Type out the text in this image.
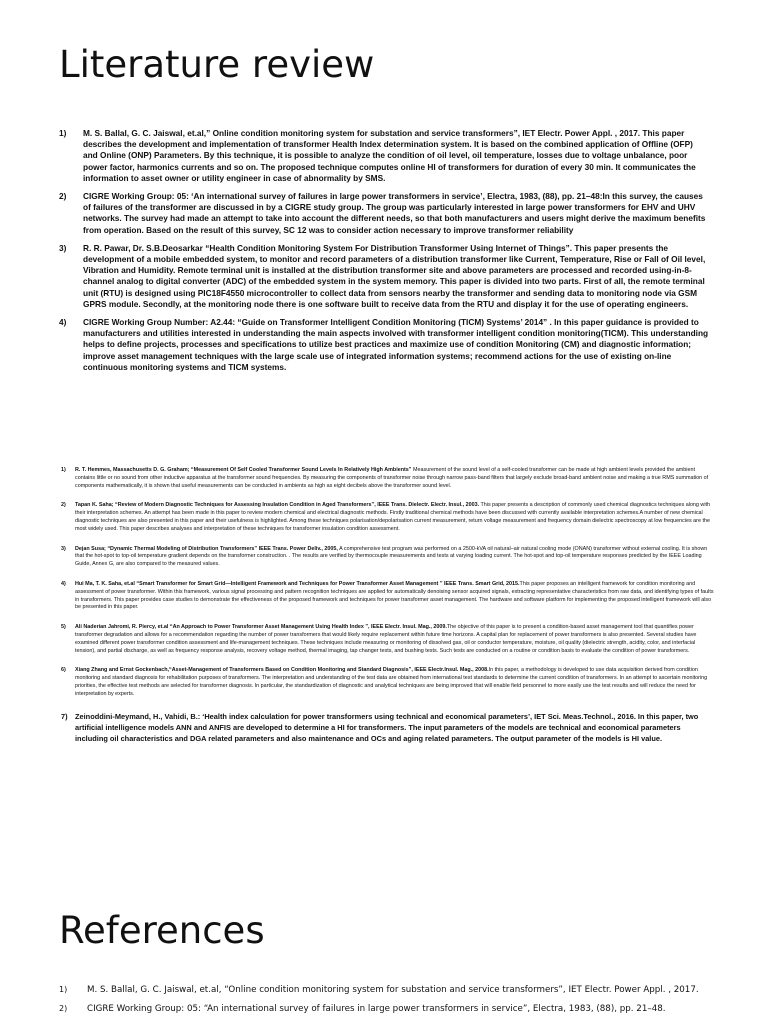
Literature review
1) M. S. Ballal, G. C. Jaiswal, et.al,” Online condition monitoring system for substation and service transformers”, IET Electr. Power Appl. , 2017. This paper describes the development and implementation of transformer Health Index determination system. It is based on the combined application of Offline (OFP) and Online (ONP) Parameters. By this technique, it is possible to analyze the condition of oil level, oil temperature, losses due to voltage unbalance, poor power factor, harmonics currents and so on. The proposed technique computes online HI of transformers for duration of every 30 min. It communicates the information to asset owner or utility engineer in case of abnormality by SMS.
2) CIGRE Working Group: 05: ‘An international survey of failures in large power transformers in service’, Electra, 1983, (88), pp. 21–48:In this survey, the causes of failures of the transformer are discussed in by a CIGRE study group. The group was particularly interested in large power transformers for EHV and UHV networks. The survey had made an attempt to take into account the different needs, so that both manufacturers and users might derive the maximum benefits from operation. Based on the result of this survey, SC 12 was to consider action necessary to improve transformer reliability
3) R. R. Pawar, Dr. S.B.Deosarkar “Health Condition Monitoring System For Distribution Transformer Using Internet of Things”. This paper presents the development of a mobile embedded system, to monitor and record parameters of a distribution transformer like Current, Temperature, Rise or Fall of Oil level, Vibration and Humidity. Remote terminal unit is installed at the distribution transformer site and above parameters are processed and recorded using-in-8-channel analog to digital converter (ADC) of the embedded system in the system memory. This paper is divided into two parts. First of all, the remote terminal unit (RTU) is designed using PIC18F4550 microcontroller to collect data from sensors nearby the transformer and sending data to monitoring node via GSM GPRS module. Secondly, at the monitoring node there is one software built to receive data from the RTU and display it for the use of operating engineers.
4) CIGRE Working Group Number: A2.44: “Guide on Transformer Intelligent Condition Monitoring (TICM) Systems’ 2014” . In this paper guidance is provided to manufacturers and utilities interested in understanding the main aspects involved with transformer intelligent condition monitoring(TICM). This understanding helps to define projects, processes and specifications to utilize best practices and maximize use of condition Monitoring (CM) and diagnostic information; improve asset management techniques with the large scale use of integrated information systems; recommend actions for the use of existing on-line continuous monitoring systems and TICM systems.
1) R. T. Hemmes, Massachusetts D. G. Graham; “Measurement Of Self Cooled Transformer Sound Levels In Relatively High Ambients” Measurement of the sound level of a self-cooled transformer can be made at high ambient levels provided the ambient contains little or no sound from other inductive apparatus at the transformer sound frequencies. By measuring the components of transformer noise through narrow pass-band filters that largely exclude broad-band ambient noise and making a true RMS summation of components mathematically, it is shown that useful measurements can be conducted in ambients as high as eight decibels above the transformer sound level.
2) Tapan K. Saha; “Review of Modern Diagnostic Techniques for Assessing Insulation Condition in Aged Transformers”, IEEE Trans. Dielectr. Electr. Insul., 2003. This paper presents a description of commonly used chemical diagnostics techniques along with their interpretation schemes. An attempt has been made in this paper to review modern chemical and electrical diagnostic methods. Firstly traditional chemical methods have been discussed with currently available interpretation schemes.A number of new chemical diagnostic techniques are also presented in this paper and their usefulness is highlighted. Among these techniques polarisation/depolarisation current measurement, return voltage measurement and frequency domain dielectric spectroscopy at low frequencies are the most widely used. This paper describes analyses and interpretation of these techniques for transformer insulation condition assessment.
3) Dejan Susa; “Dynamic Thermal Modeling of Distribution Transformers” IEEE Trans. Power Deliv., 2005, A comprehensive test program was performed on a 2500-kVA oil natural–air natural cooling mode (ONAN) transformer without external cooling. It is shown that the hot-spot to top-oil temperature gradient depends on the transformer construction. . The results are verified by thermocouple measurements and tests at varying loading current. The hot-spot and top-oil temperature responses predicted by the IEEE Loading Guide, Annex G, are also compared to the measured values.
4) Hui Ma, T. K. Saha, et.al “Smart Transformer for Smart Grid—Intelligent Framework and Techniques for Power Transformer Asset Management ” IEEE Trans. Smart Grid, 2015.This paper proposes an intelligent framework for condition monitoring and assessment of power transformer. Within this framework, various signal processing and pattern recognition techniques are applied for automatically denoising sensor acquired signals, extracting representative characteristics from raw data, and identifying types of faults in transformers. This paper provides case studies to demonstrate the effectiveness of the proposed framework and techniques for power transformer asset management. The hardware and software platform for implementing the proposed intelligent framework will also be presented in this paper.
5) Ali Naderian Jahromi, R. Piercy, et.al “An Approach to Power Transformer Asset Management Using Health Index ”, IEEE Electr. Insul. Mag., 2009.The objective of this paper is to present a condition-based asset management tool that quantifies power transformer degradation and allows for a recommendation regarding the number of power transformers that would likely require replacement within future time horizons. A capital plan for replacement of power transformers is also presented. Several studies have examined different power transformer condition assessment and life-management techniques. These techniques include measuring or monitoring of dissolved gas, oil or conductor temperature, moisture, oil quality (dielectric strength, acidity, color, and interfacial tension), and partial discharge, as well as frequency response analysis, recovery voltage method, thermal imaging, tap changer tests, and bushing tests. Such tests are conducted on a routine or condition basis to evaluate the condition of power transformers.
6) Xiang Zhang and Ernst Gockenbach,“Asset-Management of Transformers Based on Condition Monitoring and Standard Diagnosis”, IEEE Electr.Insul. Mag., 2008.In this paper, a methodology is developed to use data acquisition derived from condition monitoring and standard diagnosis for rehabilitation purposes of transformers. The interpretation and understanding of the test data are obtained from international test standards to determine the current condition of transformers. In an attempt to ascertain monitoring priorities, the effective test methods are selected for transformer diagnosis. In particular, the standardization of diagnostic and analytical techniques are being improved that will enable field personnel to more easily use the test results and will reduce the need for interpretation by experts.
7) Zeinoddini-Meymand, H., Vahidi, B.: ‘Health index calculation for power transformers using technical and economical parameters’, IET Sci. Meas.Technol., 2016. In this paper, two artificial intelligence models ANN and ANFIS are developed to determine a HI for transformers. The input parameters of the models are technical and economical parameters including oil characteristics and DGA related parameters and also maintenance and OCs and aging related parameters. The output parameter of the models is HI value.
References
1) M. S. Ballal, G. C. Jaiswal, et.al, “Online condition monitoring system for substation and service transformers”, IET Electr. Power Appl. , 2017.
2) CIGRE Working Group: 05: “An international survey of failures in large power transformers in service”, Electra, 1983, (88), pp. 21–48.
